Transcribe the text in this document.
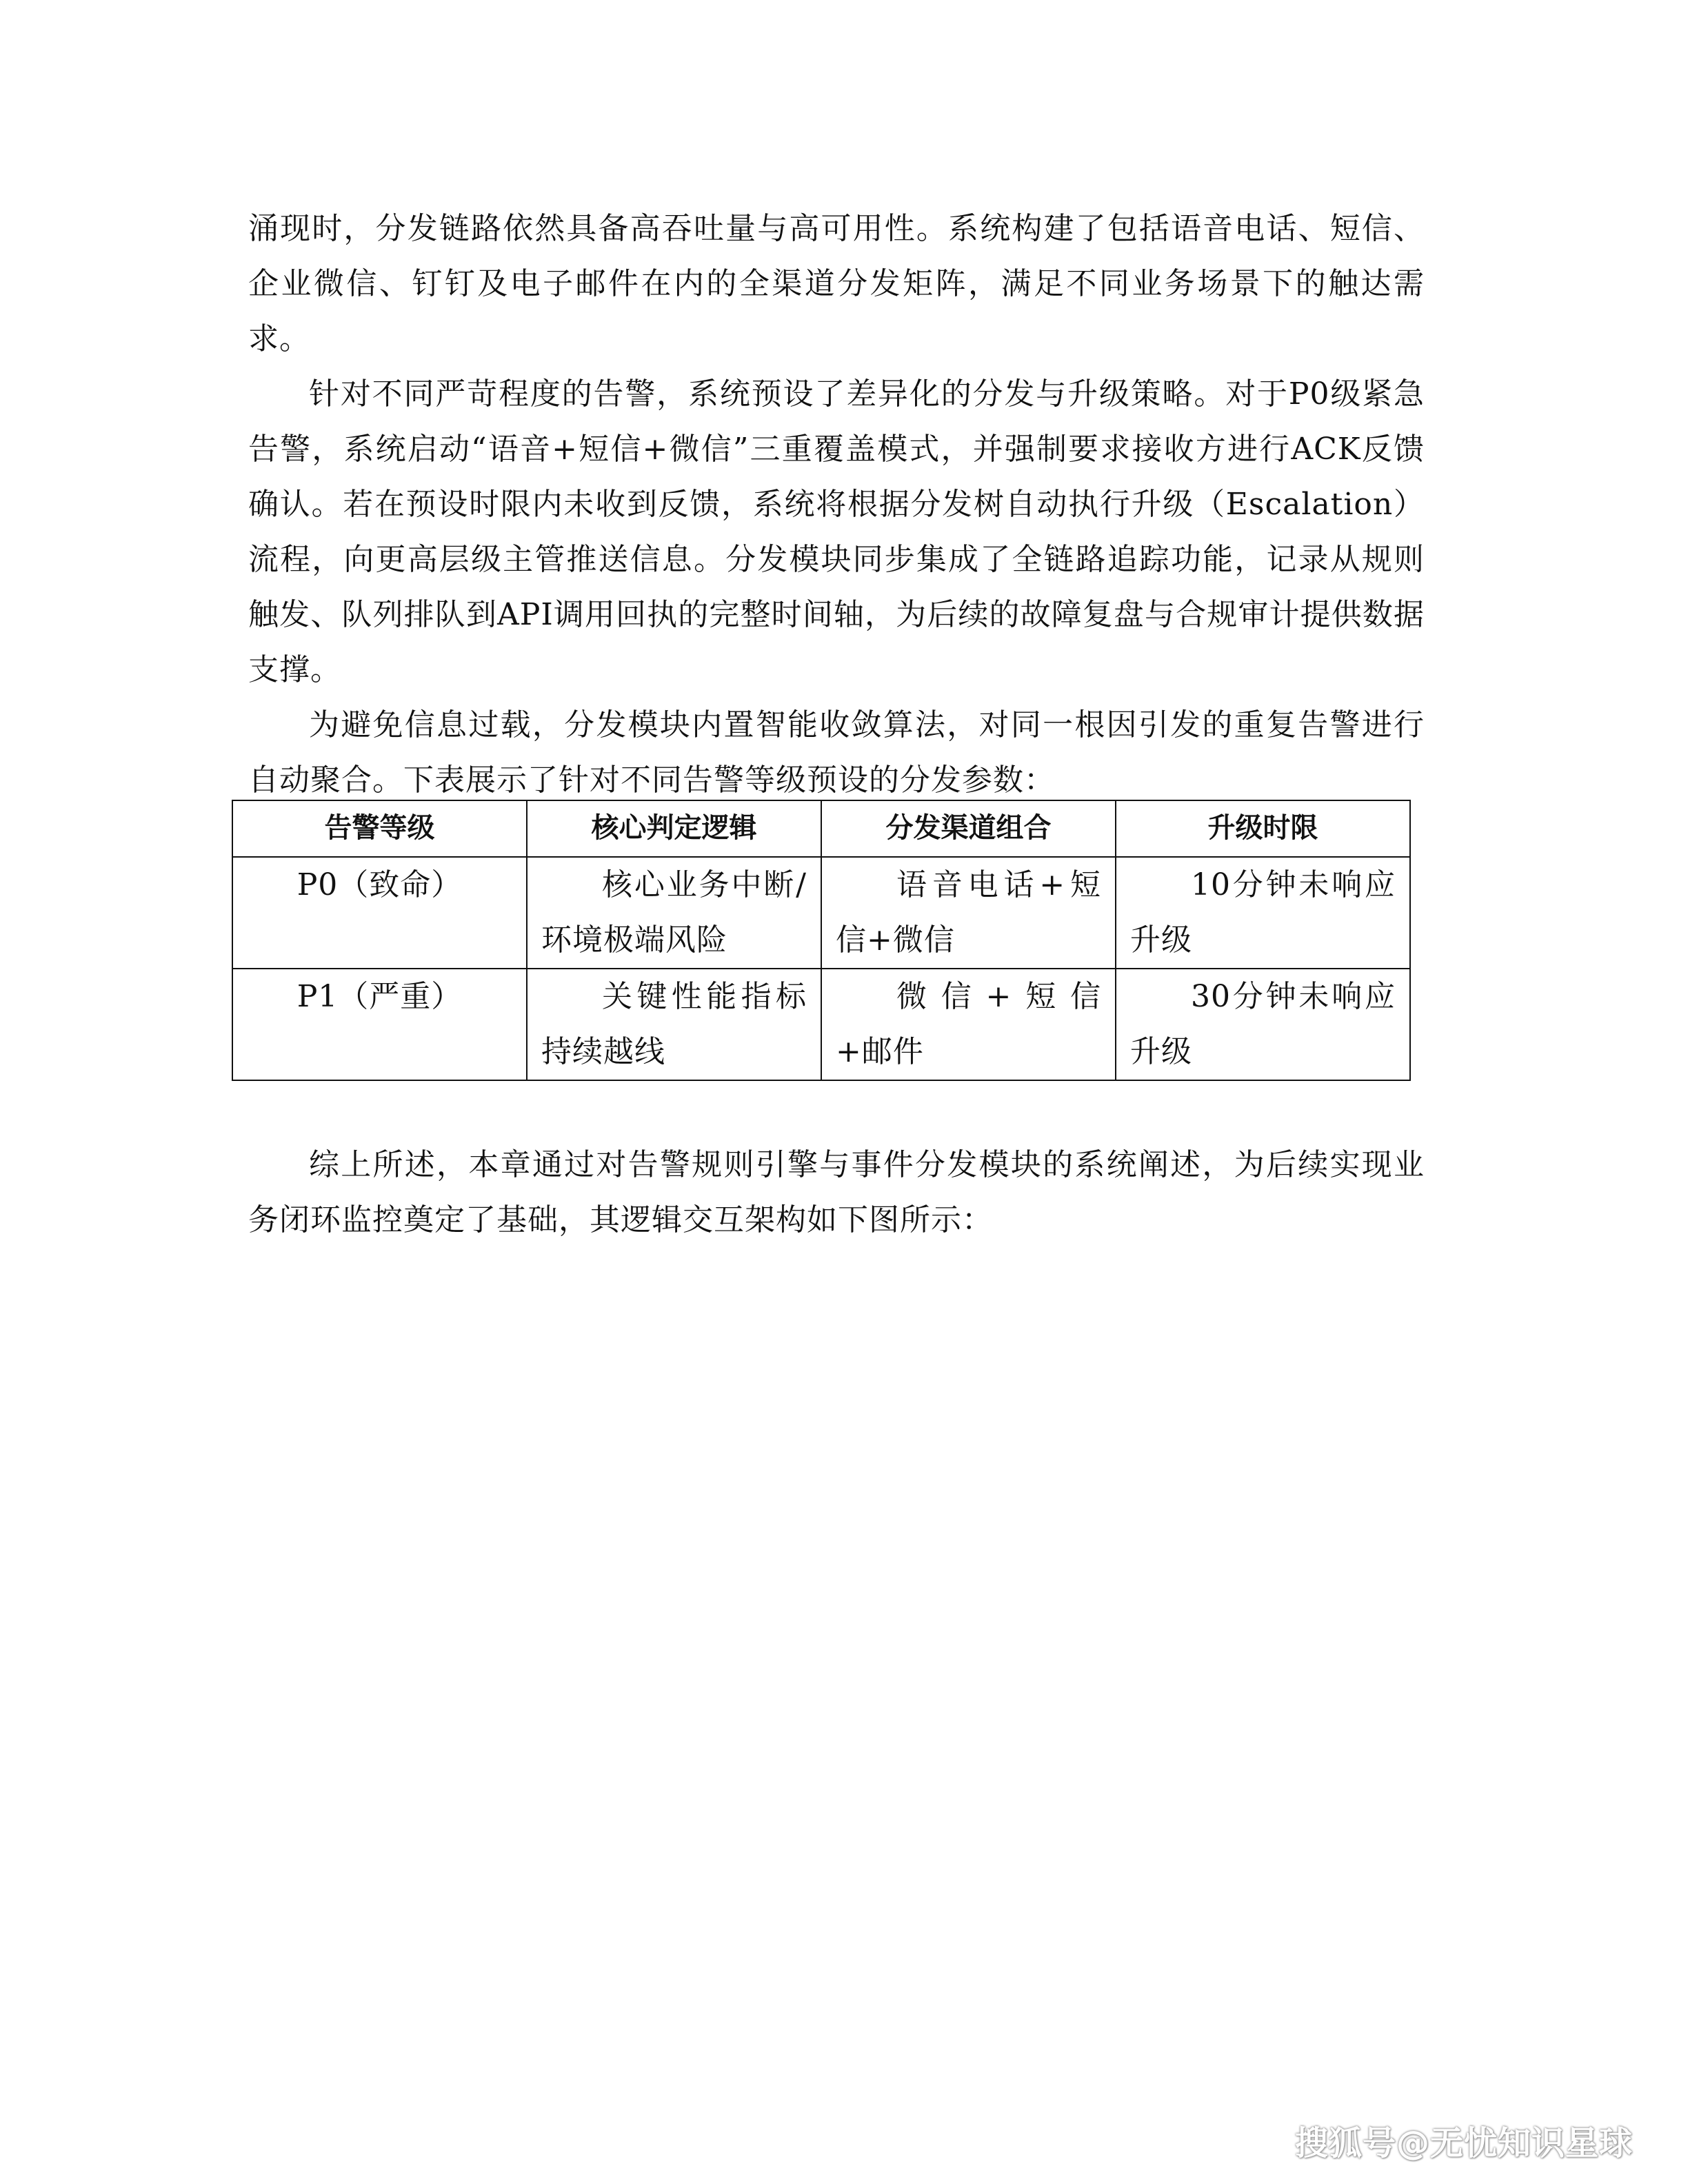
涌现时，分发链路依然具备高吞吐量与高可用性。系统构建了包括语音电话、短信、企业微信、钉钉及电子邮件在内的全渠道分发矩阵，满足不同业务场景下的触达需求。

针对不同严苛程度的告警，系统预设了差异化的分发与升级策略。对于P0级紧急告警，系统启动“语音+短信+微信”三重覆盖模式，并强制要求接收方进行ACK反馈确认。若在预设时限内未收到反馈，系统将根据分发树自动执行升级（Escalation）流程，向更高层级主管推送信息。分发模块同步集成了全链路追踪功能，记录从规则触发、队列排队到API调用回执的完整时间轴，为后续的故障复盘与合规审计提供数据支撑。

为避免信息过载，分发模块内置智能收敛算法，对同一根因引发的重复告警进行自动聚合。下表展示了针对不同告警等级预设的分发参数：

告警等级	核心判定逻辑	分发渠道组合	升级时限
P0（致命）	核心业务中断/环境极端风险	语音电话+短信+微信	10分钟未响应升级
P1（严重）	关键性能指标持续越线	微信+短信+邮件	30分钟未响应升级

综上所述，本章通过对告警规则引擎与事件分发模块的系统阐述，为后续实现业务闭环监控奠定了基础，其逻辑交互架构如下图所示：

搜狐号@无忧知识星球
